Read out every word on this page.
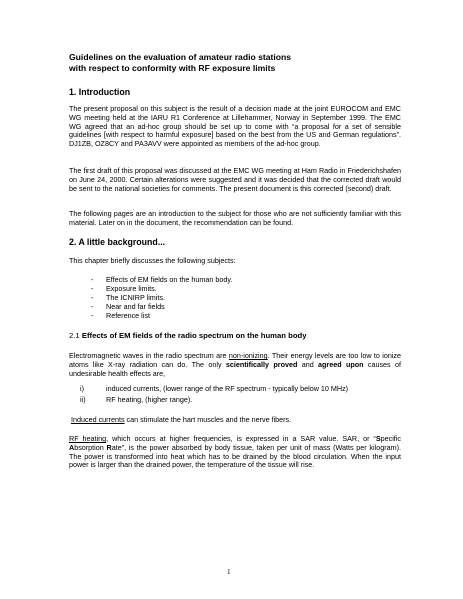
Guidelines on the evaluation of amateur radio stations
with respect to conformity with RF exposure limits
1. Introduction

The present proposal on this subject is the result of a decision made at the joint EUROCOM and EMC WG meeting held at the IARU R1 Conference at Lillehammer, Norway in September 1999. The EMC WG agreed that an ad-hoc group should be set up to come with “a proposal for a set of sensible guidelines [with respect to harmful exposure] based on the best from the US and German regulations”. DJ1ZB, OZ8CY and PA3AVV were appointed as members of the ad-hoc group.

The first draft of this proposal was discussed at the EMC WG meeting at Ham Radio in Friederichshafen on June 24, 2000. Certain alterations were suggested and it was decided that the corrected draft would be sent to the national societies for comments. The present document is this corrected (second) draft.

The following pages are an introduction to the subject for those who are not sufficiently familiar with this material. Later on in the document, the recommendation can be found.

2. A little background...

This chapter briefly discusses the following subjects:

- Effects of EM fields on the human body.
- Exposure limits.
- The ICNIRP limits.
- Near and far fields
- Reference list
2.1 Effects of EM fields of the radio spectrum on the human body

Electromagnetic waves in the radio spectrum are non-ionizing. Their energy levels are too low to ionize atoms like X-ray radiation can do. The only scientifically proved and agreed upon causes of undesirable health effects are,

i)	induced currents, (lower range of the RF spectrum - typically below 10 MHz)
ii)	RF heating, (higher range).

Induced currents can stimulate the hart muscles and the nerve fibers.

RF heating, which occurs at higher frequencies, is expressed in a SAR value. SAR, or “Specific Absorption Rate”, is the power absorbed by body tissue, taken per unit of mass (Watts per kilogram). The power is transformed into heat which has to be drained by the blood circulation. When the input power is larger than the drained power, the temperature of the tissue will rise.

1
